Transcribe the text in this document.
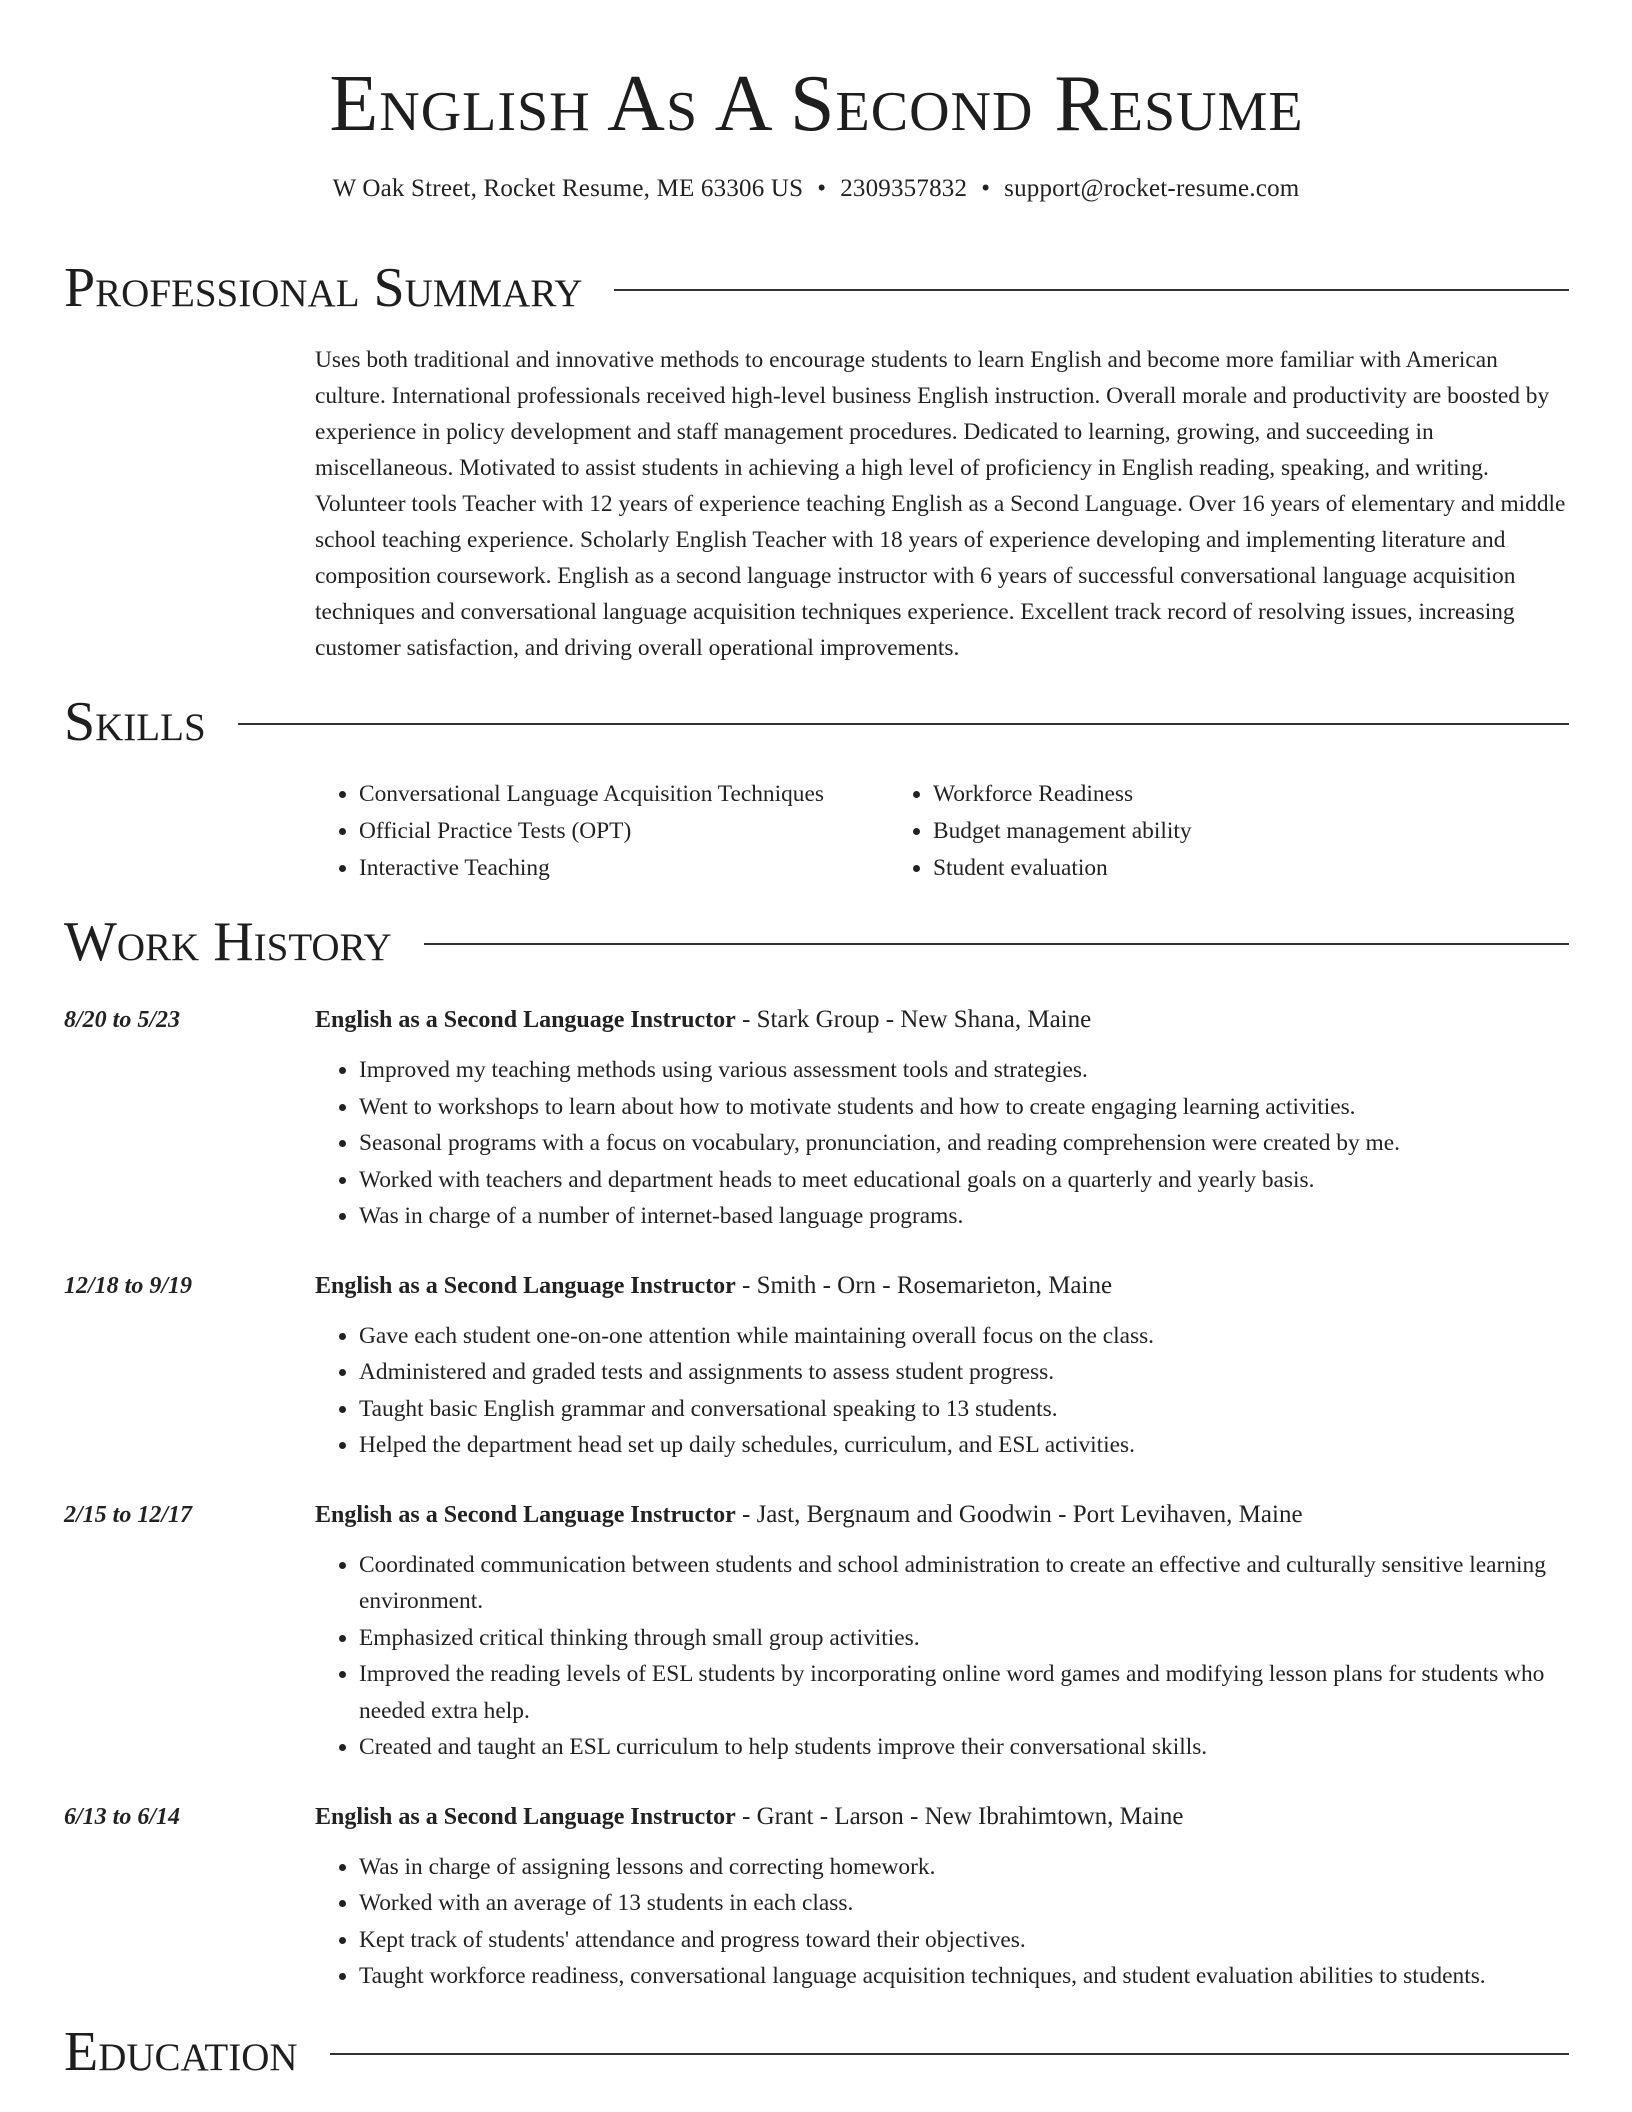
English As A Second Resume
W Oak Street, Rocket Resume, ME 63306 US • 2309357832 • support@rocket-resume.com
Professional Summary

Uses both traditional and innovative methods to encourage students to learn English and become more familiar with American culture. International professionals received high-level business English instruction. Overall morale and productivity are boosted by experience in policy development and staff management procedures. Dedicated to learning, growing, and succeeding in miscellaneous. Motivated to assist students in achieving a high level of proficiency in English reading, speaking, and writing. Volunteer tools Teacher with 12 years of experience teaching English as a Second Language. Over 16 years of elementary and middle school teaching experience. Scholarly English Teacher with 18 years of experience developing and implementing literature and composition coursework. English as a second language instructor with 6 years of successful conversational language acquisition techniques and conversational language acquisition techniques experience. Excellent track record of resolving issues, increasing customer satisfaction, and driving overall operational improvements.

Skills
• Conversational Language Acquisition Techniques
• Official Practice Tests (OPT)
• Interactive Teaching
• Workforce Readiness
• Budget management ability
• Student evaluation
Work History
8/20 to 5/23	English as a Second Language Instructor - Stark Group - New Shana, Maine
• Improved my teaching methods using various assessment tools and strategies.
• Went to workshops to learn about how to motivate students and how to create engaging learning activities.
• Seasonal programs with a focus on vocabulary, pronunciation, and reading comprehension were created by me.
• Worked with teachers and department heads to meet educational goals on a quarterly and yearly basis.
• Was in charge of a number of internet-based language programs.
12/18 to 9/19	English as a Second Language Instructor - Smith - Orn - Rosemarieton, Maine
• Gave each student one-on-one attention while maintaining overall focus on the class.
• Administered and graded tests and assignments to assess student progress.
• Taught basic English grammar and conversational speaking to 13 students.
• Helped the department head set up daily schedules, curriculum, and ESL activities.
2/15 to 12/17	English as a Second Language Instructor - Jast, Bergnaum and Goodwin - Port Levihaven, Maine
• Coordinated communication between students and school administration to create an effective and culturally sensitive learning environment.
• Emphasized critical thinking through small group activities.
• Improved the reading levels of ESL students by incorporating online word games and modifying lesson plans for students who needed extra help.
• Created and taught an ESL curriculum to help students improve their conversational skills.
6/13 to 6/14	English as a Second Language Instructor - Grant - Larson - New Ibrahimtown, Maine
• Was in charge of assigning lessons and correcting homework.
• Worked with an average of 13 students in each class.
• Kept track of students' attendance and progress toward their objectives.
• Taught workforce readiness, conversational language acquisition techniques, and student evaluation abilities to students.
Education
